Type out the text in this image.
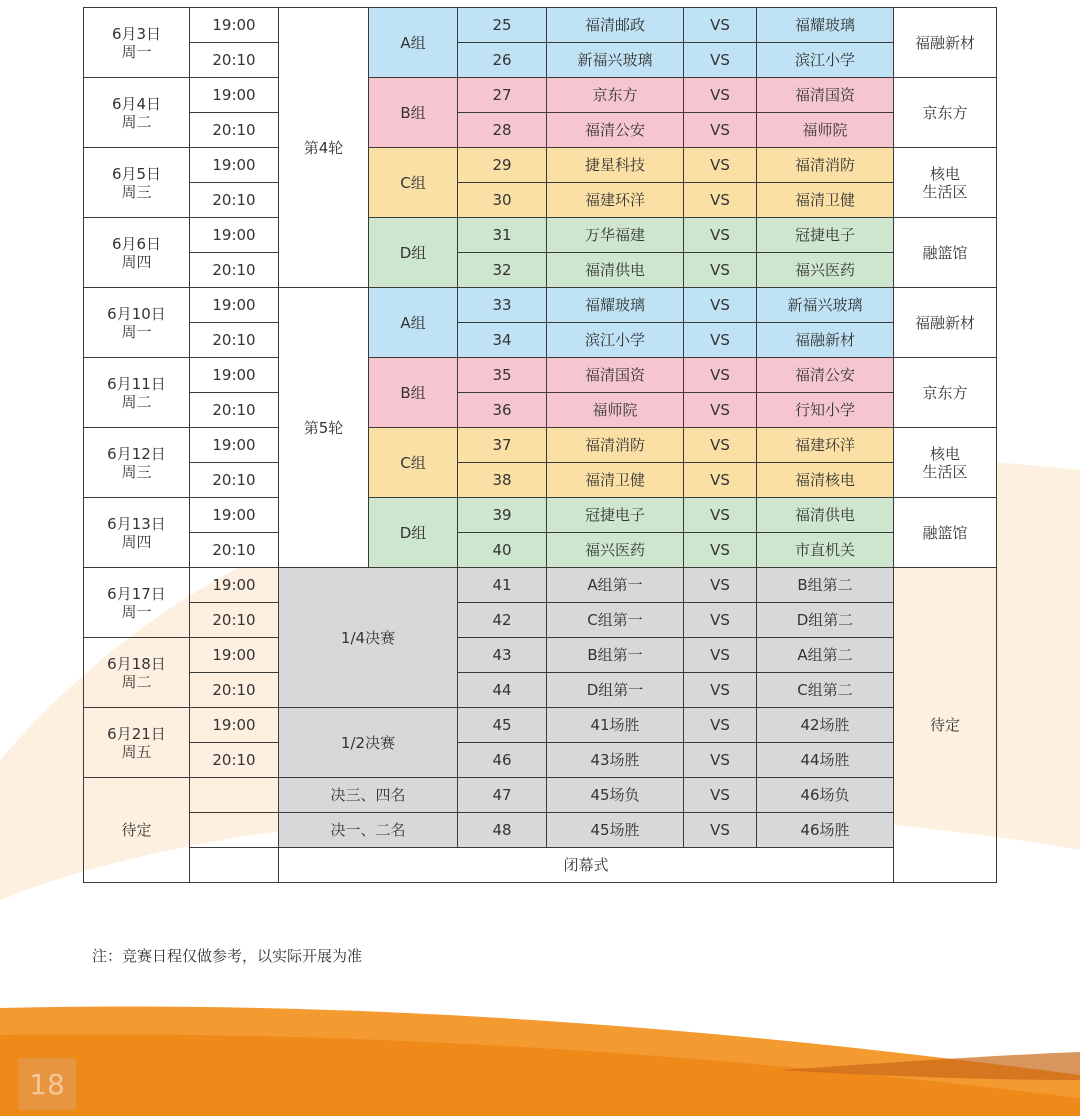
6月3日
周一	19:00	第4轮	A组	25	福清邮政	VS	福耀玻璃	福融新材

	20:10			26	新福兴玻璃	VS	滨江小学	

6月4日
周二	19:00		B组	27	京东方	VS	福清国资	京东方

	20:10			28	福清公安	VS	福师院	

6月5日
周三	19:00		C组	29	捷星科技	VS	福清消防	核电
生活区

	20:10			30	福建环洋	VS	福清卫健	

6月6日
周四	19:00		D组	31	万华福建	VS	冠捷电子	融篮馆

	20:10			32	福清供电	VS	福兴医药	

6月10日
周一	19:00	第5轮	A组	33	福耀玻璃	VS	新福兴玻璃	福融新材

	20:10			34	滨江小学	VS	福融新材	

6月11日
周二	19:00		B组	35	福清国资	VS	福清公安	京东方

	20:10			36	福师院	VS	行知小学	

6月12日
周三	19:00		C组	37	福清消防	VS	福建环洋	核电
生活区

	20:10			38	福清卫健	VS	福清核电	

6月13日
周四	19:00		D组	39	冠捷电子	VS	福清供电	融篮馆

	20:10			40	福兴医药	VS	市直机关	

6月17日
周一	19:00	1/4决赛		41	A组第一	VS	B组第二	待定
	20:10			42	C组第一	VS	D组第二	

6月18日
周二	19:00			43	B组第一	VS	A组第二	
	20:10			44	D组第一	VS	C组第二	

6月21日
周五	19:00	1/2决赛		45	41场胜	VS	42场胜	
	20:10			46	43场胜	VS	44场胜	
待定		决三、四名		47	45场负	VS	46场负	
		决一、二名		48	45场胜	VS	46场胜	
		闭幕式						
注：竞赛日程仅做参考，以实际开展为准
18
